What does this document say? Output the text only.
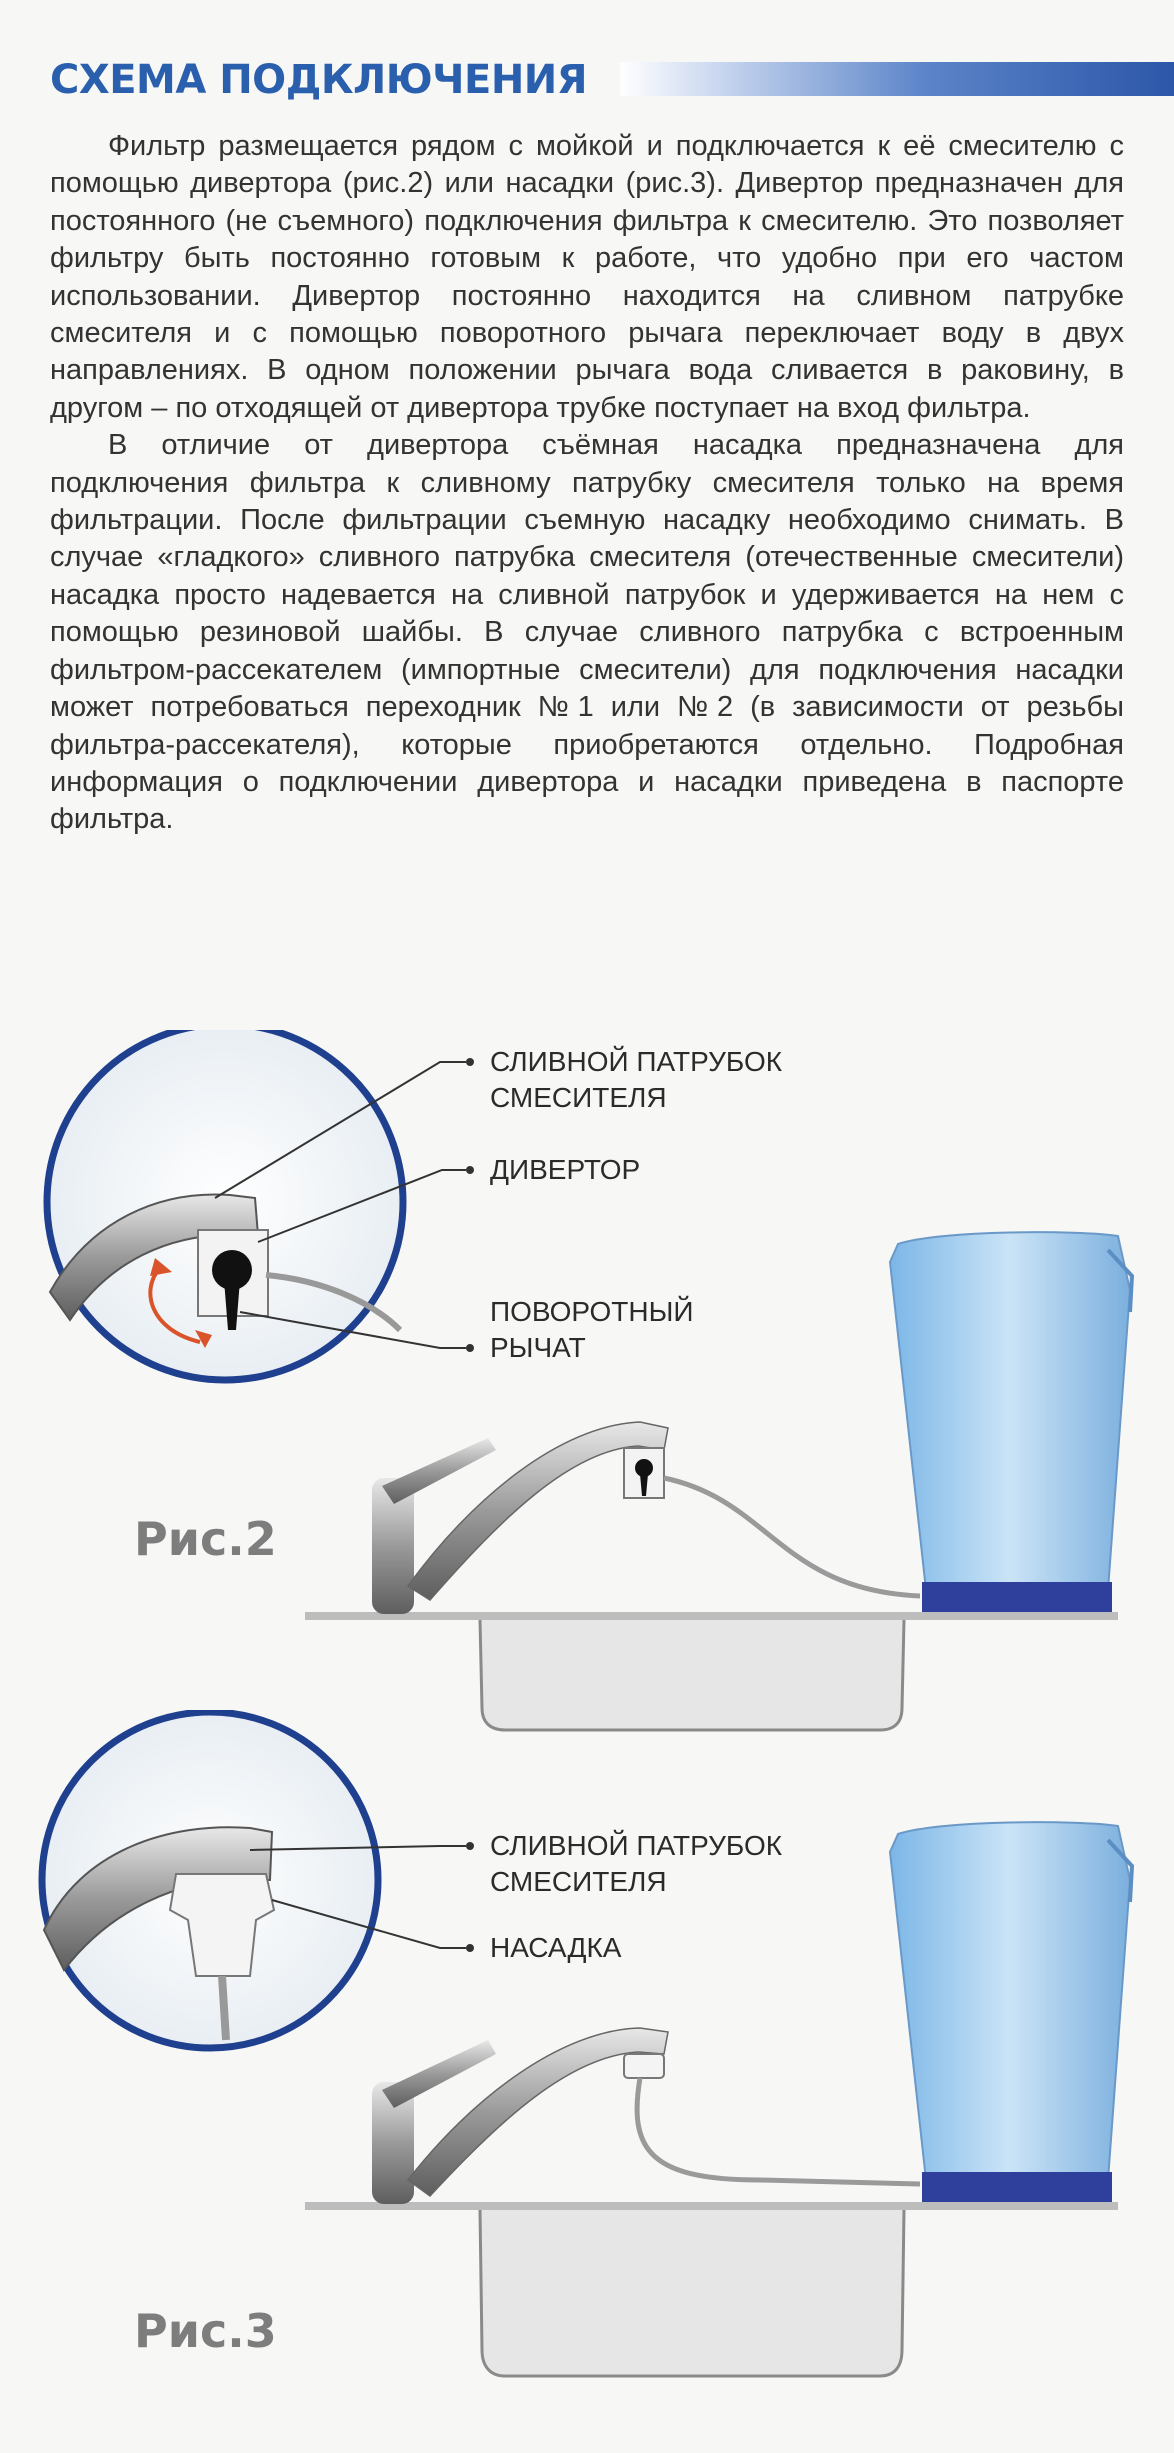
СХЕМА ПОДКЛЮЧЕНИЯ

Фильтр размещается рядом с мойкой и подключается к её смесителю с помощью дивертора (рис.2) или насадки (рис.3). Дивертор предназначен для постоянного (не съемного) подключения фильтра к смесителю. Это позволяет фильтру быть постоянно готовым к работе, что удобно при его частом использовании. Дивертор постоянно находится на сливном патрубке смесителя и с помощью поворотного рычага переключает воду в двух направлениях. В одном положении рычага вода сливается в раковину, в другом – по отходящей от дивертора трубке поступает на вход фильтра.

В отличие от дивертора съёмная насадка предназначена для подключения фильтра к сливному патрубку смесителя только на время фильтрации. После фильтрации съемную насадку необходимо снимать. В случае «гладкого» сливного патрубка смесителя (отечественные смесители) насадка просто надевается на сливной патрубок и удерживается на нем с помощью резиновой шайбы. В случае сливного патрубка с встроенным фильтром-рассекателем (импортные смесители) для подключения насадки может потребоваться переходник №1 или №2 (в зависимости от резьбы фильтра-рассекателя), которые приобретаются отдельно. Подробная информация о подключении дивертора и насадки приведена в паспорте фильтра.

СЛИВНОЙ ПАТРУБОК
СМЕСИТЕЛЯ
ДИВЕРТОР
ПОВОРОТНЫЙ
РЫЧАТ
Рис.2
СЛИВНОЙ ПАТРУБОК
СМЕСИТЕЛЯ
НАСАДКА
Рис.3
